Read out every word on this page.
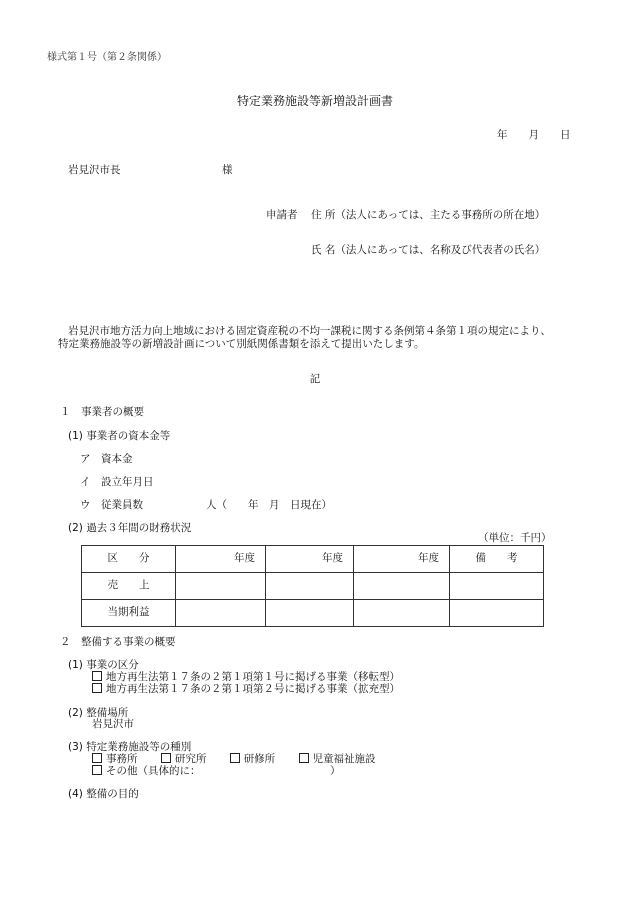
様式第１号（第２条関係）
特定業務施設等新増設計画書
年　　月　　日
岩見沢市長	様
申請者 住 所（法人にあっては、主たる事務所の所在地）
氏 名（法人にあっては、名称及び代表者の氏名）
岩見沢市地方活力向上地域における固定資産税の不均一課税に関する条例第４条第１項の規定により、
特定業務施設等の新増設計画について別紙関係書類を添えて提出いたします。
記
１　事業者の概要
(1) 事業者の資本金等
ア　資本金
イ　設立年月日
ウ　従業員数	人（　　年　月　日現在）
(2) 過去３年間の財務状況
（単位：千円）
区　　分	年度	年度	年度	備　　考
売　　上				
当期利益				
２　整備する事業の概要
(1) 事業の区分
地方再生法第１７条の２第１項第１号に掲げる事業（移転型）
地方再生法第１７条の２第１項第２号に掲げる事業（拡充型）
(2) 整備場所
岩見沢市
(3) 特定業務施設等の種別
事務所	研究所	研修所	児童福祉施設
その他（具体的に：	）
(4) 整備の目的
